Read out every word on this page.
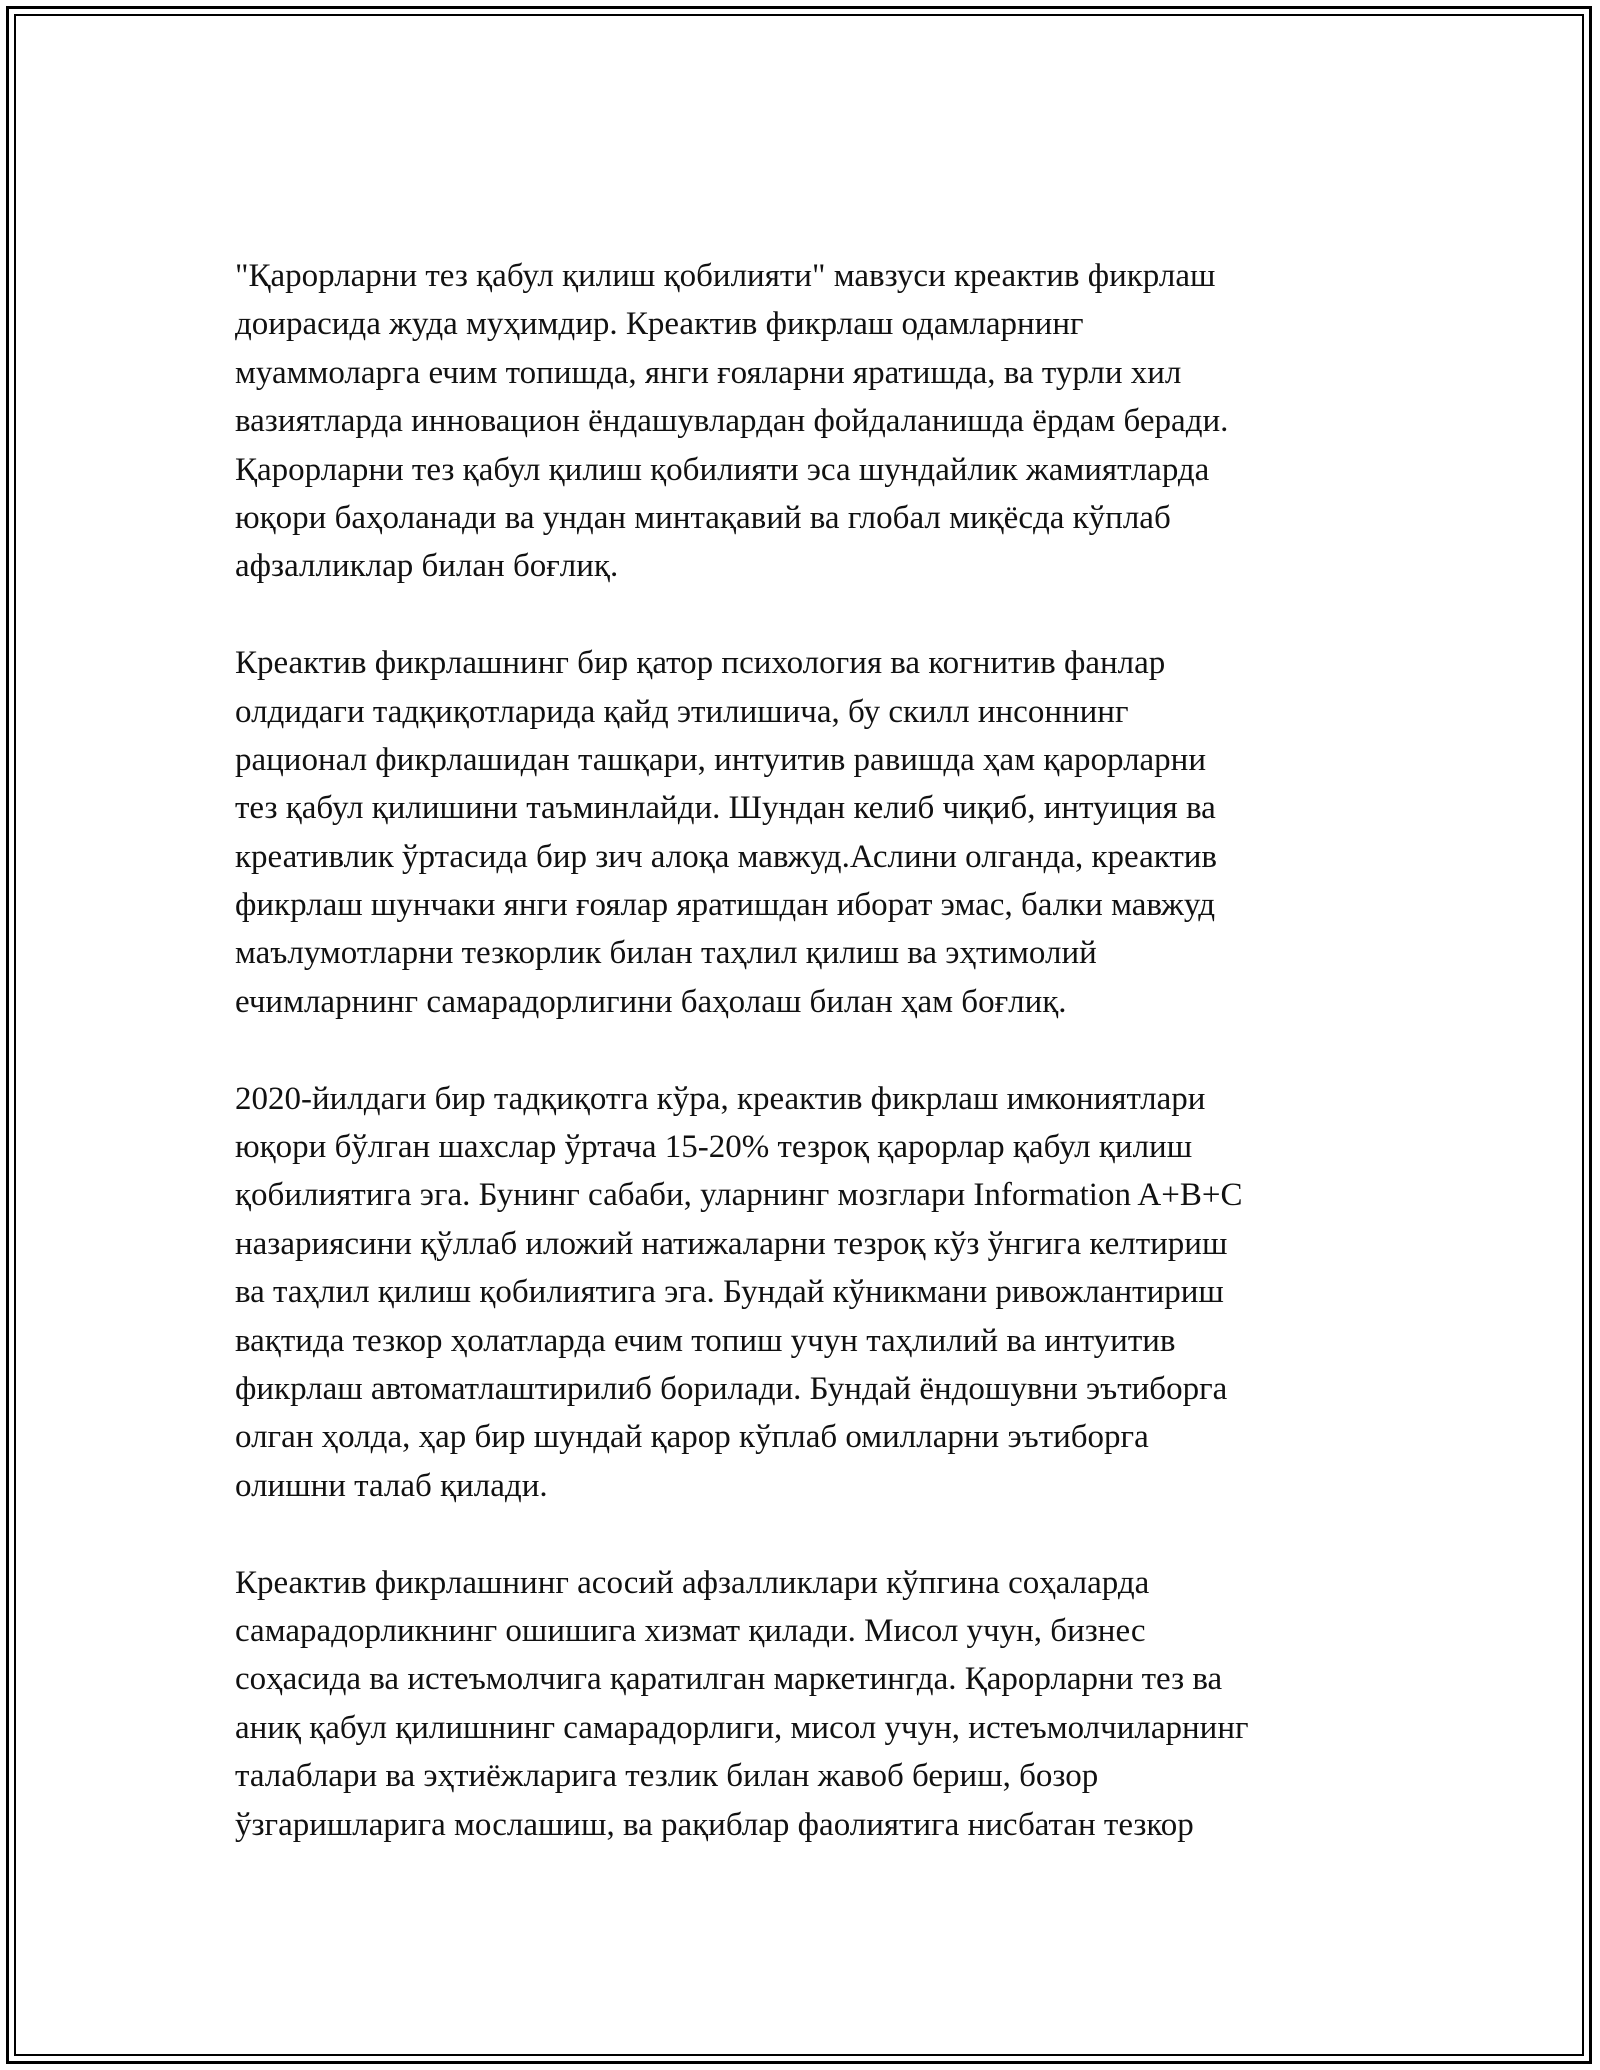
"Қарорларни тез қабул қилиш қобилияти" мавзуси креактив фикрлаш
доирасида жуда муҳимдир. Креактив фикрлаш одамларнинг
муаммоларга ечим топишда, янги ғояларни яратишда, ва турли хил
вазиятларда инновацион ёндашувлардан фойдаланишда ёрдам беради.
Қарорларни тез қабул қилиш қобилияти эса шундайлик жамиятларда
юқори баҳоланади ва ундан минтақавий ва глобал миқёсда кўплаб
афзалликлар билан боғлиқ.
Креактив фикрлашнинг бир қатор психология ва когнитив фанлар
олдидаги тадқиқотларида қайд этилишича, бу скилл инсоннинг
рационал фикрлашидан ташқари, интуитив равишда ҳам қарорларни
тез қабул қилишини таъминлайди. Шундан келиб чиқиб, интуиция ва
креативлик ўртасида бир зич алоқа мавжуд.Аслини олганда, креактив
фикрлаш шунчаки янги ғоялар яратишдан иборат эмас, балки мавжуд
маълумотларни тезкорлик билан таҳлил қилиш ва эҳтимолий
ечимларнинг самарадорлигини баҳолаш билан ҳам боғлиқ.
2020-йилдаги бир тадқиқотга кўра, креактив фикрлаш имкониятлари
юқори бўлган шахслар ўртача 15-20% тезроқ қарорлар қабул қилиш
қобилиятига эга. Бунинг сабаби, уларнинг мозглари Information A+B+C
назариясини қўллаб иложий натижаларни тезроқ кўз ўнгига келтириш
ва таҳлил қилиш қобилиятига эга. Бундай кўникмани ривожлантириш
вақтида тезкор ҳолатларда ечим топиш учун таҳлилий ва интуитив
фикрлаш автоматлаштирилиб борилади. Бундай ёндошувни эътиборга
олган ҳолда, ҳар бир шундай қарор кўплаб омилларни эътиборга
олишни талаб қилади.
Креактив фикрлашнинг асосий афзалликлари кўпгина соҳаларда
самарадорликнинг ошишига хизмат қилади. Мисол учун, бизнес
соҳасида ва истеъмолчига қаратилган маркетингда. Қарорларни тез ва
аниқ қабул қилишнинг самарадорлиги, мисол учун, истеъмолчиларнинг
талаблари ва эҳтиёжларига тезлик билан жавоб бериш, бозор
ўзгаришларига мослашиш, ва рақиблар фаолиятига нисбатан тезкор
